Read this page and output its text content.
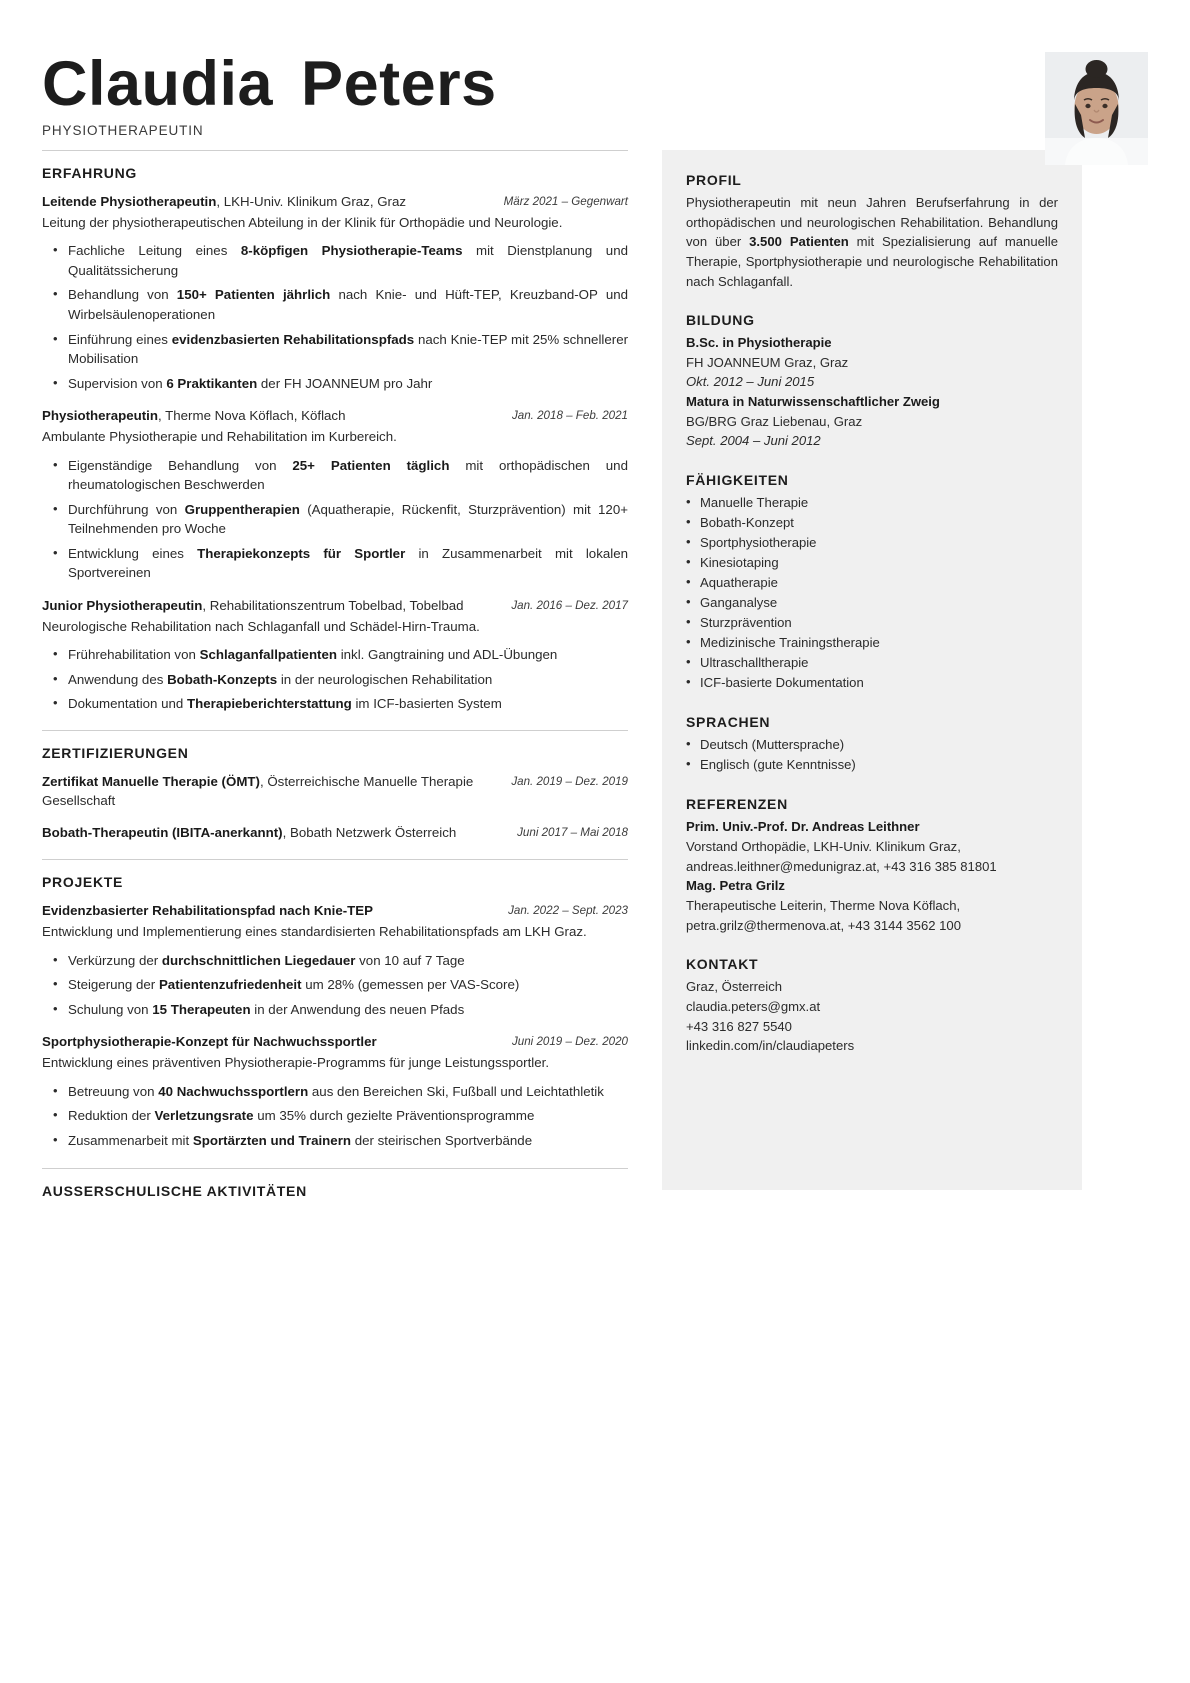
Claudia Peters
PHYSIOTHERAPEUTIN
ERFAHRUNG
Leitende Physiotherapeutin, LKH-Univ. Klinikum Graz, Graz	März 2021 – Gegenwart
Leitung der physiotherapeutischen Abteilung in der Klinik für Orthopädie und Neurologie.
• Fachliche Leitung eines 8-köpfigen Physiotherapie-Teams mit Dienstplanung und Qualitätssicherung
• Behandlung von 150+ Patienten jährlich nach Knie- und Hüft-TEP, Kreuzband-OP und Wirbelsäulenoperationen
• Einführung eines evidenzbasierten Rehabilitationspfads nach Knie-TEP mit 25% schnellerer Mobilisation
• Supervision von 6 Praktikanten der FH JOANNEUM pro Jahr
Physiotherapeutin, Therme Nova Köflach, Köflach	Jan. 2018 – Feb. 2021
Ambulante Physiotherapie und Rehabilitation im Kurbereich.
• Eigenständige Behandlung von 25+ Patienten täglich mit orthopädischen und rheumatologischen Beschwerden
• Durchführung von Gruppentherapien (Aquatherapie, Rückenfit, Sturzprävention) mit 120+ Teilnehmenden pro Woche
• Entwicklung eines Therapiekonzepts für Sportler in Zusammenarbeit mit lokalen Sportvereinen
Junior Physiotherapeutin, Rehabilitationszentrum Tobelbad, Tobelbad	Jan. 2016 – Dez. 2017
Neurologische Rehabilitation nach Schlaganfall und Schädel-Hirn-Trauma.
• Frührehabilitation von Schlaganfallpatienten inkl. Gangtraining und ADL-Übungen
• Anwendung des Bobath-Konzepts in der neurologischen Rehabilitation
• Dokumentation und Therapieberichterstattung im ICF-basierten System
ZERTIFIZIERUNGEN
Zertifikat Manuelle Therapie (ÖMT), Österreichische Manuelle Therapie Gesellschaft
Jan. 2019 – Dez. 2019
Bobath-Therapeutin (IBITA-anerkannt), Bobath Netzwerk Österreich	Juni 2017 – Mai 2018
PROJEKTE
Evidenzbasierter Rehabilitationspfad nach Knie-TEP	Jan. 2022 – Sept. 2023
Entwicklung und Implementierung eines standardisierten Rehabilitationspfads am LKH Graz.
• Verkürzung der durchschnittlichen Liegedauer von 10 auf 7 Tage
• Steigerung der Patientenzufriedenheit um 28% (gemessen per VAS-Score)
• Schulung von 15 Therapeuten in der Anwendung des neuen Pfads
Sportphysiotherapie-Konzept für Nachwuchssportler	Juni 2019 – Dez. 2020
Entwicklung eines präventiven Physiotherapie-Programms für junge Leistungssportler.
• Betreuung von 40 Nachwuchssportlern aus den Bereichen Ski, Fußball und Leichtathletik
• Reduktion der Verletzungsrate um 35% durch gezielte Präventionsprogramme
• Zusammenarbeit mit Sportärzten und Trainern der steirischen Sportverbände
AUSSERSCHULISCHE AKTIVITÄTEN
PROFIL
Physiotherapeutin mit neun Jahren Berufserfahrung in der orthopädischen und neurologischen Rehabilitation. Behandlung von über 3.500 Patienten mit Spezialisierung auf manuelle Therapie, Sportphysiotherapie und neurologische Rehabilitation nach Schlaganfall.
BILDUNG
B.Sc. in Physiotherapie
FH JOANNEUM Graz, Graz
Okt. 2012 – Juni 2015
Matura in Naturwissenschaftlicher Zweig
BG/BRG Graz Liebenau, Graz
Sept. 2004 – Juni 2012
FÄHIGKEITEN
• Manuelle Therapie
• Bobath-Konzept
• Sportphysiotherapie
• Kinesiotaping
• Aquatherapie
• Ganganalyse
• Sturzprävention
• Medizinische Trainingstherapie
• Ultraschalltherapie
• ICF-basierte Dokumentation
SPRACHEN
• Deutsch (Muttersprache)
• Englisch (gute Kenntnisse)
REFERENZEN
Prim. Univ.-Prof. Dr. Andreas Leithner
Vorstand Orthopädie, LKH-Univ. Klinikum Graz,
andreas.leithner@medunigraz.at, +43 316 385 81801
Mag. Petra Grilz
Therapeutische Leiterin, Therme Nova Köflach,
petra.grilz@thermenova.at, +43 3144 3562 100
KONTAKT
Graz, Österreich
claudia.peters@gmx.at
+43 316 827 5540
linkedin.com/in/claudiapeters
